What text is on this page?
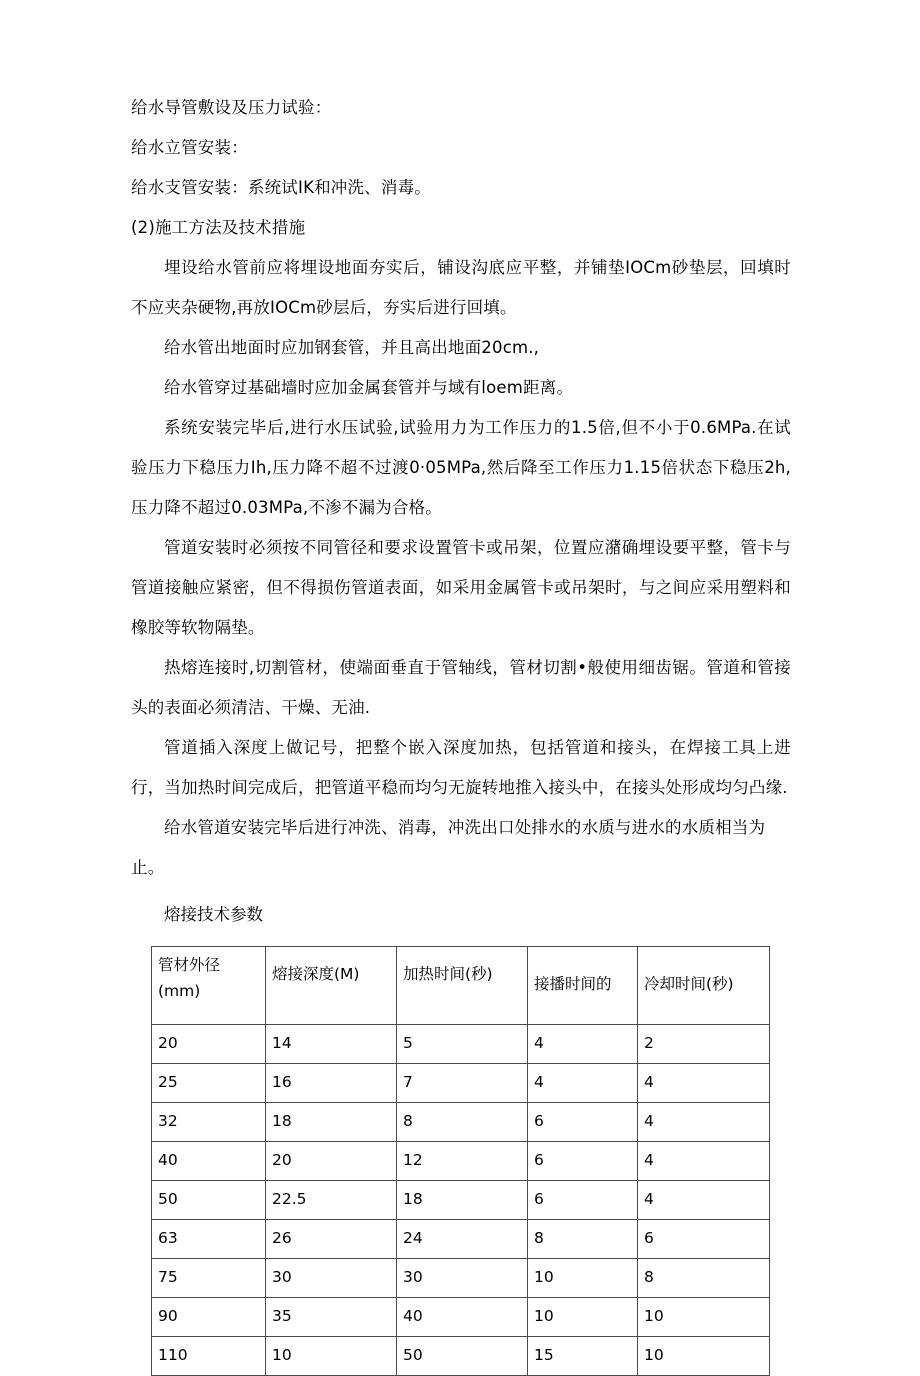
给水导管敷设及压力试验：
给水立管安装：
给水支管安装：系统试IK和冲洗、消毒。
(2)施工方法及技术措施

埋设给水管前应将埋设地面夯实后，铺设沟底应平整，并铺垫IOCm砂垫层，回填时不应夹杂硬物,再放IOCm砂层后，夯实后进行回填。

给水管出地面时应加钢套管，并且高出地面20cm.,

给水管穿过基础墙时应加金属套管并与域有loem距离。

系统安装完毕后,进行水压试验,试验用力为工作压力的1.5倍,但不小于0.6MPa.在试验压力下稳压力Ih,压力降不超不过渡0·05MPa,然后降至工作压力1.15倍状态下稳压2h,压力降不超过0.03MPa,不渗不漏为合格。

管道安装时必须按不同管径和要求设置管卡或吊架，位置应潴确埋设要平整，管卡与管道接触应紧密，但不得损伤管道表面，如采用金属管卡或吊架时，与之间应采用塑料和橡胶等软物隔垫。

热熔连接时,切割管材，使端面垂直于管轴线，管材切割•般使用细齿锯。管道和管接头的表面必须清洁、干燥、无油.

管道插入深度上做记号，把整个嵌入深度加热，包括管道和接头，在焊接工具上进行，当加热时间完成后，把管道平稳而均匀无旋转地推入接头中，在接头处形成均匀凸缘.

给水管道安装完毕后进行冲洗、消毒，冲洗出口处排水的水质与进水的水质相当为止。

熔接技术参数

管材外径
(mm)	熔接深度(M)	加热时间(秒)	接播时间的	冷却时间(秒)
20	14	5	4	2
25	16	7	4	4
32	18	8	6	4
40	20	12	6	4
50	22.5	18	6	4
63	26	24	8	6
75	30	30	10	8
90	35	40	10	10
110	10	50	15	10
